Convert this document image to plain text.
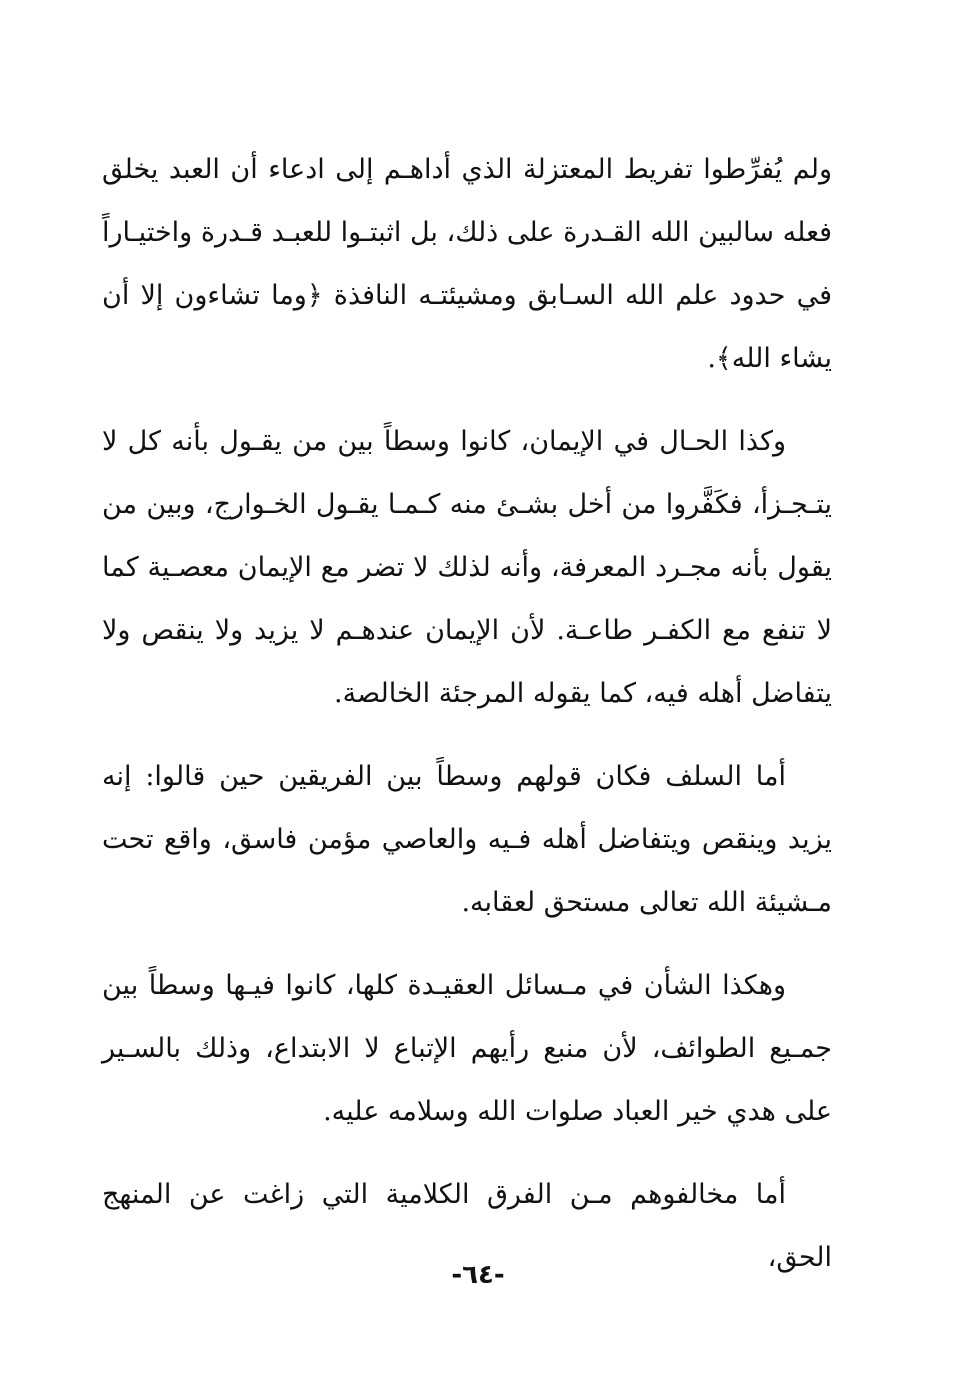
ولم يُفرِّطوا تفريط المعتزلة الذي أداهـم إلى ادعاء أن العبد يخلق فعله سالبين الله القـدرة على ذلك، بل اثبتـوا للعبـد قـدرة واختيـاراً في حدود علم الله السـابق ومشيئتـه النافذة ﴿وما تشاءون إلا أن يشاء الله﴾.

وكذا الحـال في الإيمان، كانوا وسطاً بين من يقـول بأنه كل لا يتـجـزأ، فكَفَّروا من أخل بشـئ منه كـمـا يقـول الخـوارج، وبين من يقول بأنه مجـرد المعرفة، وأنه لذلك لا تضر مع الإيمان معصـية كما لا تنفع مع الكفـر طاعـة. لأن الإيمان عندهـم لا يزيد ولا ينقص ولا يتفاضل أهله فيه، كما يقوله المرجئة الخالصة.

أما السلف فكان قولهم وسطاً بين الفريقين حين قالوا: إنه يزيد وينقص ويتفاضل أهله فـيه والعاصي مؤمن فاسق، واقع تحت مـشيئة الله تعالى مستحق لعقابه.

وهكذا الشأن في مـسائل العقيـدة كلها، كانوا فيـها وسطاً بين جمـيع الطوائف، لأن منبع رأيهم الإتباع لا الابتداع، وذلك بالسـير على هدي خير العباد صلوات الله وسلامه عليه.

أما مخالفوهم مـن الفرق الكلامية التي زاغت عن المنهج الحق،

-٦٤-
